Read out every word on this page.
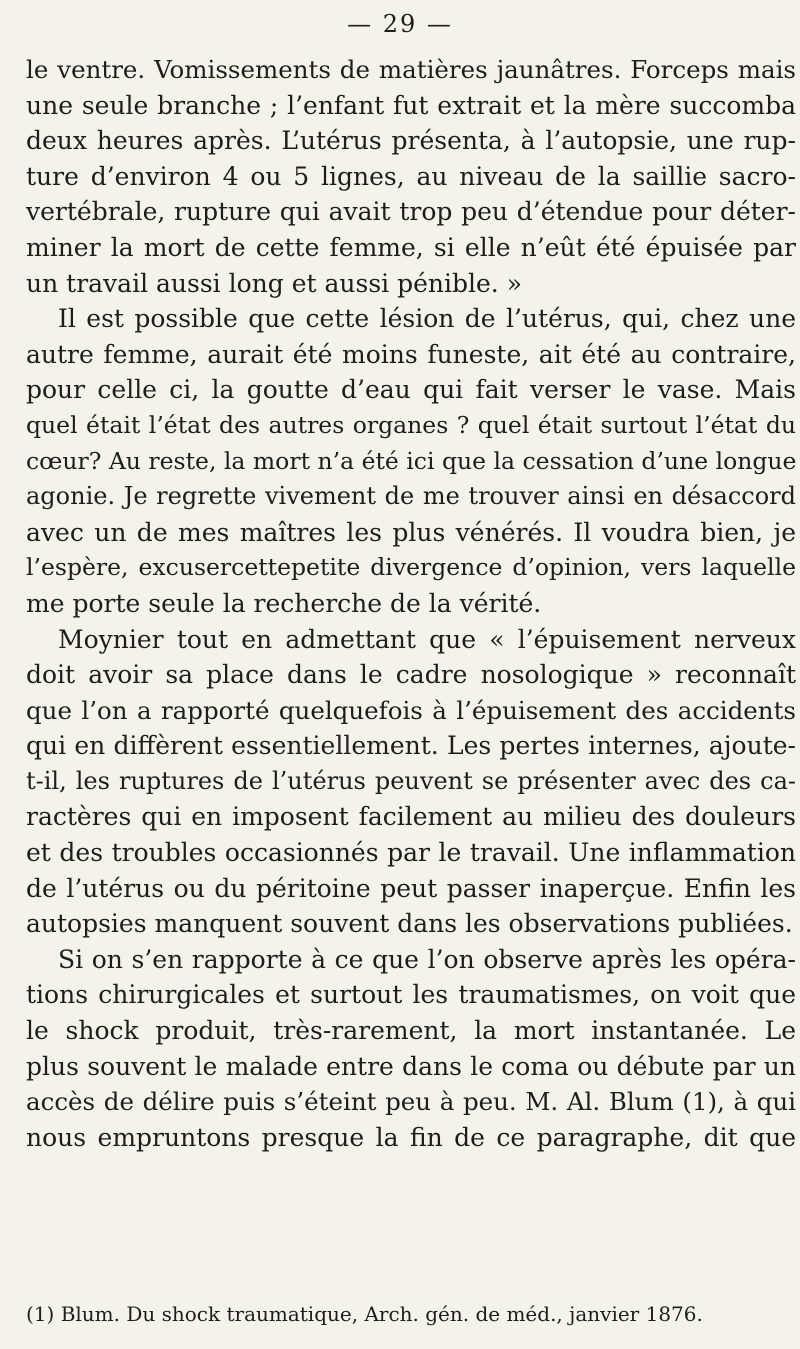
— 29 —
le ventre. Vomissements de matières jaunâtres. Forceps mais
une seule branche ; l’enfant fut extrait et la mère succomba
deux heures après. L’utérus présenta, à l’autopsie, une rup-
ture d’environ 4 ou 5 lignes, au niveau de la saillie sacro-
vertébrale, rupture qui avait trop peu d’étendue pour déter-
miner la mort de cette femme, si elle n’eût été épuisée par
un travail aussi long et aussi pénible. »
Il est possible que cette lésion de l’utérus, qui, chez une
autre femme, aurait été moins funeste, ait été au contraire,
pour celle ci, la goutte d’eau qui fait verser le vase. Mais
quel était l’état des autres organes ? quel était surtout l’état du
cœur? Au reste, la mort n’a été ici que la cessation d’une longue
agonie. Je regrette vivement de me trouver ainsi en désaccord
avec un de mes maîtres les plus vénérés. Il voudra bien, je
l’espère, excusercettepetite divergence d’opinion, vers laquelle
me porte seule la recherche de la vérité.
Moynier tout en admettant que « l’épuisement nerveux
doit avoir sa place dans le cadre nosologique » reconnaît
que l’on a rapporté quelquefois à l’épuisement des accidents
qui en diffèrent essentiellement. Les pertes internes, ajoute-
t-il, les ruptures de l’utérus peuvent se présenter avec des ca-
ractères qui en imposent facilement au milieu des douleurs
et des troubles occasionnés par le travail. Une inflammation
de l’utérus ou du péritoine peut passer inaperçue. Enfin les
autopsies manquent souvent dans les observations publiées.
Si on s’en rapporte à ce que l’on observe après les opéra-
tions chirurgicales et surtout les traumatismes, on voit que
le shock produit, très-rarement, la mort instantanée. Le
plus souvent le malade entre dans le coma ou débute par un
accès de délire puis s’éteint peu à peu. M. Al. Blum (1), à qui
nous empruntons presque la fin de ce paragraphe, dit que
(1) Blum. Du shock traumatique, Arch. gén. de méd., janvier 1876.
